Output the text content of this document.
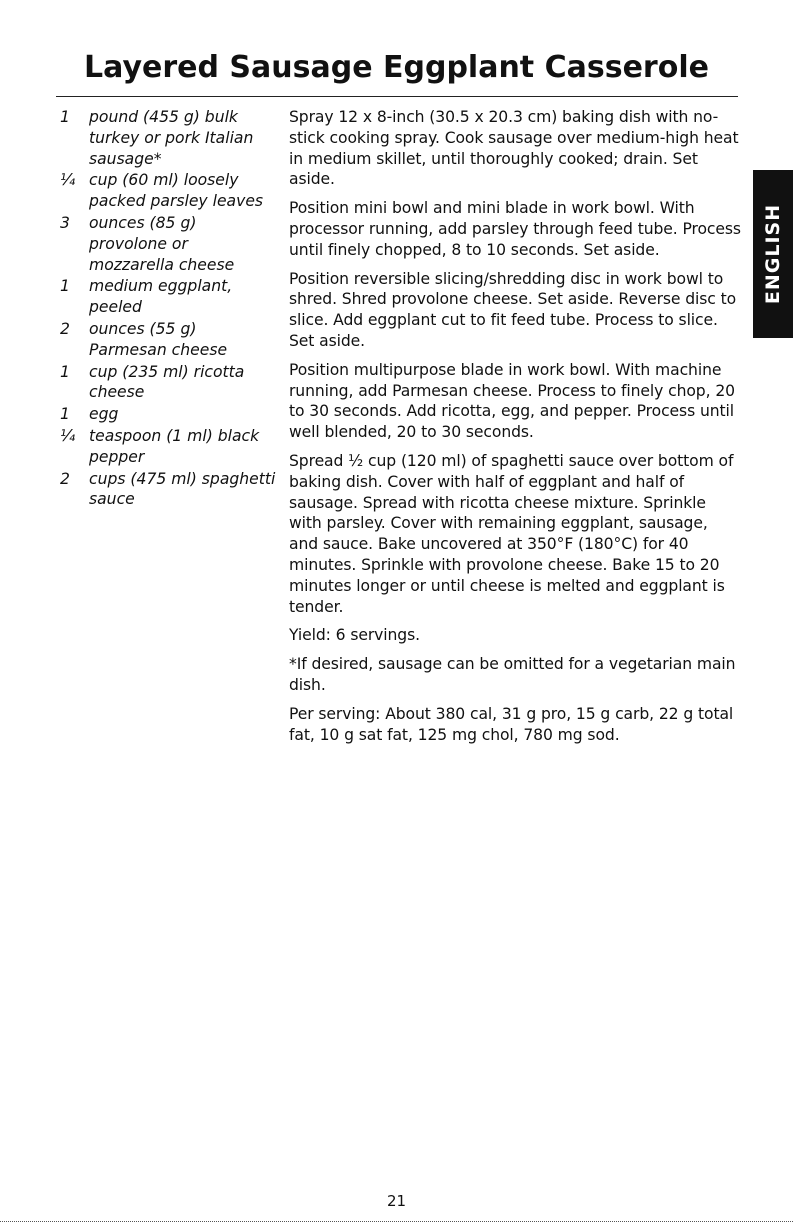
Layered Sausage Eggplant Casserole
1	pound (455 g) bulk turkey or pork Italian sausage*
¼ cup (60 ml) loosely packed parsley leaves
3	ounces (85 g) provolone or mozzarella cheese
1	medium eggplant, peeled
2	ounces (55 g) Parmesan cheese
1	cup (235 ml) ricotta cheese
1	egg
¼ teaspoon (1 ml) black pepper
2	cups (475 ml) spaghetti sauce

Spray 12 x 8-inch (30.5 x 20.3 cm) baking dish with no-stick cooking spray. Cook sausage over medium-high heat in medium skillet, until thoroughly cooked; drain. Set aside.

Position mini bowl and mini blade in work bowl. With processor running, add parsley through feed tube. Process until finely chopped, 8 to 10 seconds. Set aside.

Position reversible slicing/shredding disc in work bowl to shred. Shred provolone cheese. Set aside. Reverse disc to slice. Add eggplant cut to fit feed tube. Process to slice. Set aside.

Position multipurpose blade in work bowl. With machine running, add Parmesan cheese. Process to finely chop, 20 to 30 seconds. Add ricotta, egg, and pepper. Process until well blended, 20 to 30 seconds.

Spread ½ cup (120 ml) of spaghetti sauce over bottom of baking dish. Cover with half of eggplant and half of sausage. Spread with ricotta cheese mixture. Sprinkle with parsley. Cover with remaining eggplant, sausage, and sauce. Bake uncovered at 350°F (180°C) for 40 minutes. Sprinkle with provolone cheese. Bake 15 to 20 minutes longer or until cheese is melted and eggplant is tender.

Yield: 6 servings.

*If desired, sausage can be omitted for a vegetarian main dish.

Per serving: About 380 cal, 31 g pro, 15 g carb, 22 g total fat, 10 g sat fat, 125 mg chol, 780 mg sod.

ENGLISH
21
